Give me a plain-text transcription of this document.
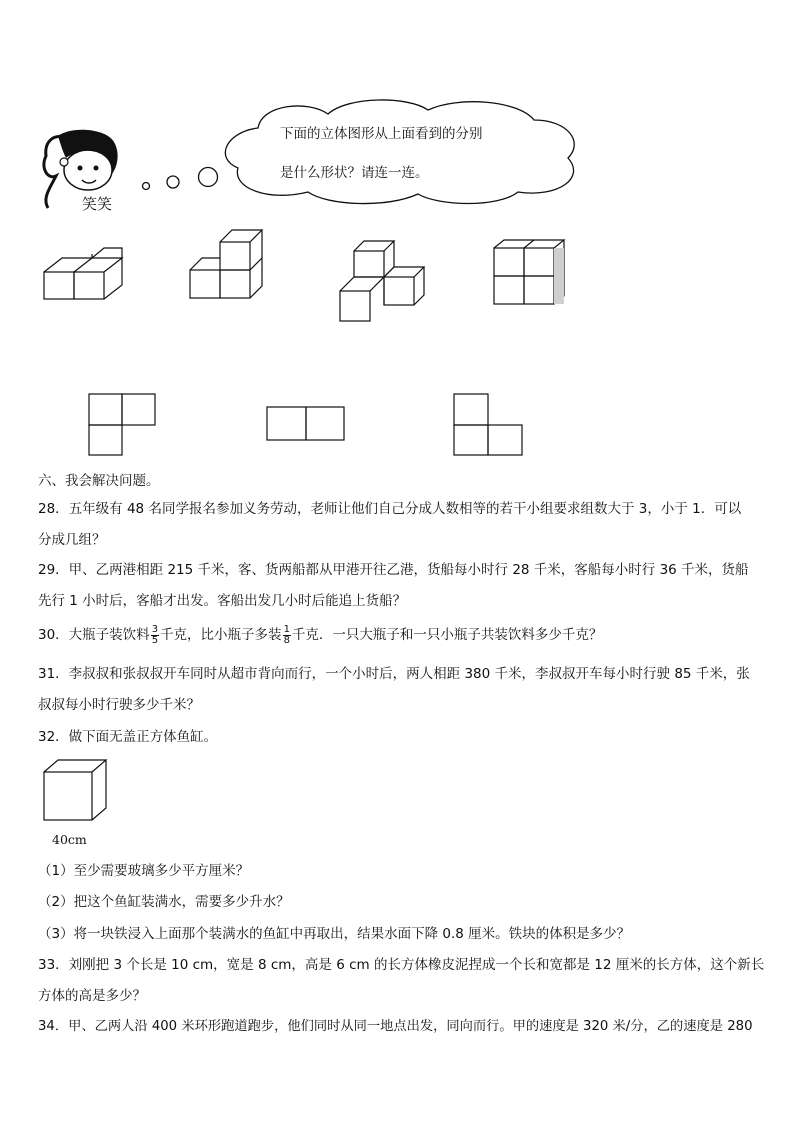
笑笑
下面的立体图形从上面看到的分别
是什么形状？请连一连。
六、我会解决问题。
28．五年级有 48 名同学报名参加义务劳动，老师让他们自己分成人数相等的若干小组要求组数大于 3，小于 1．可以
分成几组？
29．甲、乙两港相距 215 千米，客、货两船都从甲港开往乙港，货船每小时行 28 千米，客船每小时行 36 千米，货船
先行 1 小时后，客船才出发。客船出发几小时后能追上货船？
30．大瓶子装饮料 $\frac{3}{5}$ 千克，比小瓶子多装 $\frac{1}{8}$ 千克．一只大瓶子和一只小瓶子共装饮料多少千克？
31．李叔叔和张叔叔开车同时从超市背向而行，一个小时后，两人相距 380 千米，李叔叔开车每小时行驶 85 千米，张
叔叔每小时行驶多少千米？
32．做下面无盖正方体鱼缸。
40cm
（1）至少需要玻璃多少平方厘米？
（2）把这个鱼缸装满水，需要多少升水？
（3）将一块铁浸入上面那个装满水的鱼缸中再取出，结果水面下降 0.8 厘米。铁块的体积是多少？
33．刘刚把 3 个长是 10 cm，宽是 8 cm，高是 6 cm 的长方体橡皮泥捏成一个长和宽都是 12 厘米的长方体，这个新长
方体的高是多少？
34．甲、乙两人沿 400 米环形跑道跑步，他们同时从同一地点出发，同向而行。甲的速度是 320 米/分，乙的速度是 280
